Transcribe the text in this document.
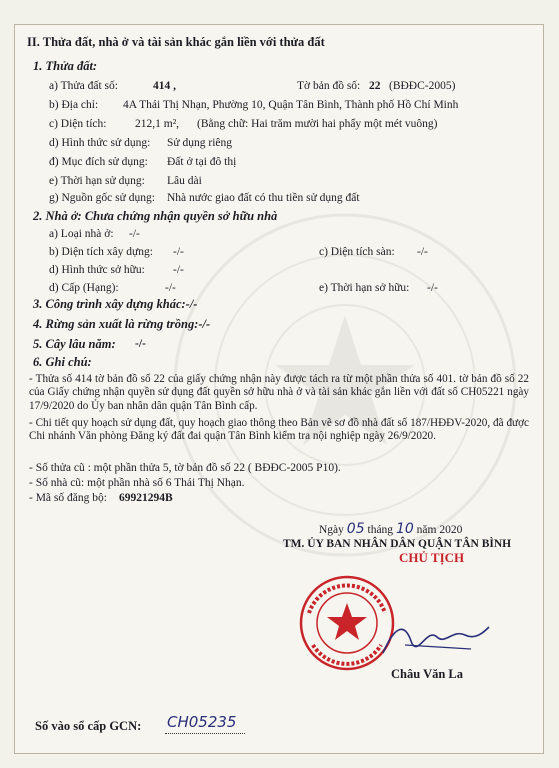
II. Thửa đất, nhà ở và tài sản khác gắn liền với thửa đất
1. Thửa đất:
a) Thửa đất số:	414 ,	Tờ bản đồ số: 22 (BĐĐC-2005)
b) Địa chỉ: 4A Thái Thị Nhạn, Phường 10, Quận Tân Bình, Thành phố Hồ Chí Minh
c) Diện tích: 212,1 m², (Bằng chữ: Hai trăm mười hai phẩy một mét vuông)
d) Hình thức sử dụng: Sử dụng riêng
đ) Mục đích sử dụng: Đất ở tại đô thị
e) Thời hạn sử dụng: Lâu dài
g) Nguồn gốc sử dụng: Nhà nước giao đất có thu tiền sử dụng đất
2. Nhà ở: Chưa chứng nhận quyền sở hữu nhà
a) Loại nhà ở: -/-
b) Diện tích xây dựng: -/-	c) Diện tích sàn: -/-
d) Hình thức sở hữu: -/-
d) Cấp (Hạng):	-/-	e) Thời hạn sở hữu: -/-
3. Công trình xây dựng khác:-/-
4. Rừng sản xuất là rừng trồng:-/-
5. Cây lâu năm: -/-
6. Ghi chú:
- Thửa số 414 tờ bản đồ số 22 của giấy chứng nhận này được tách ra từ một phần thửa số 401. tờ bản đồ số 22 của Giấy chứng nhận quyền sử dụng đất quyền sở hữu nhà ở và tài sản khác gắn liền với đất số CH05221 ngày 17/9/2020 do Ủy ban nhân dân quận Tân Bình cấp.
- Chi tiết quy hoạch sử dụng đất, quy hoạch giao thông theo Bản vẽ sơ đồ nhà đất số 187/HĐĐV-2020, đã được Chi nhánh Văn phòng Đăng ký đất đai quận Tân Bình kiểm tra nội nghiệp ngày 26/9/2020.
- Số thửa cũ : một phần thửa 5, tờ bản đồ số 22 ( BĐĐC-2005 P10).
- Số nhà cũ: một phần nhà số 6 Thái Thị Nhạn.
- Mã số đăng bộ: 69921294B
Ngày 05 tháng 10 năm 2020
TM. ỦY BAN NHÂN DÂN QUẬN TÂN BÌNH
CHỦ TỊCH
Châu Văn La
Số vào sổ cấp GCN: CH05235
